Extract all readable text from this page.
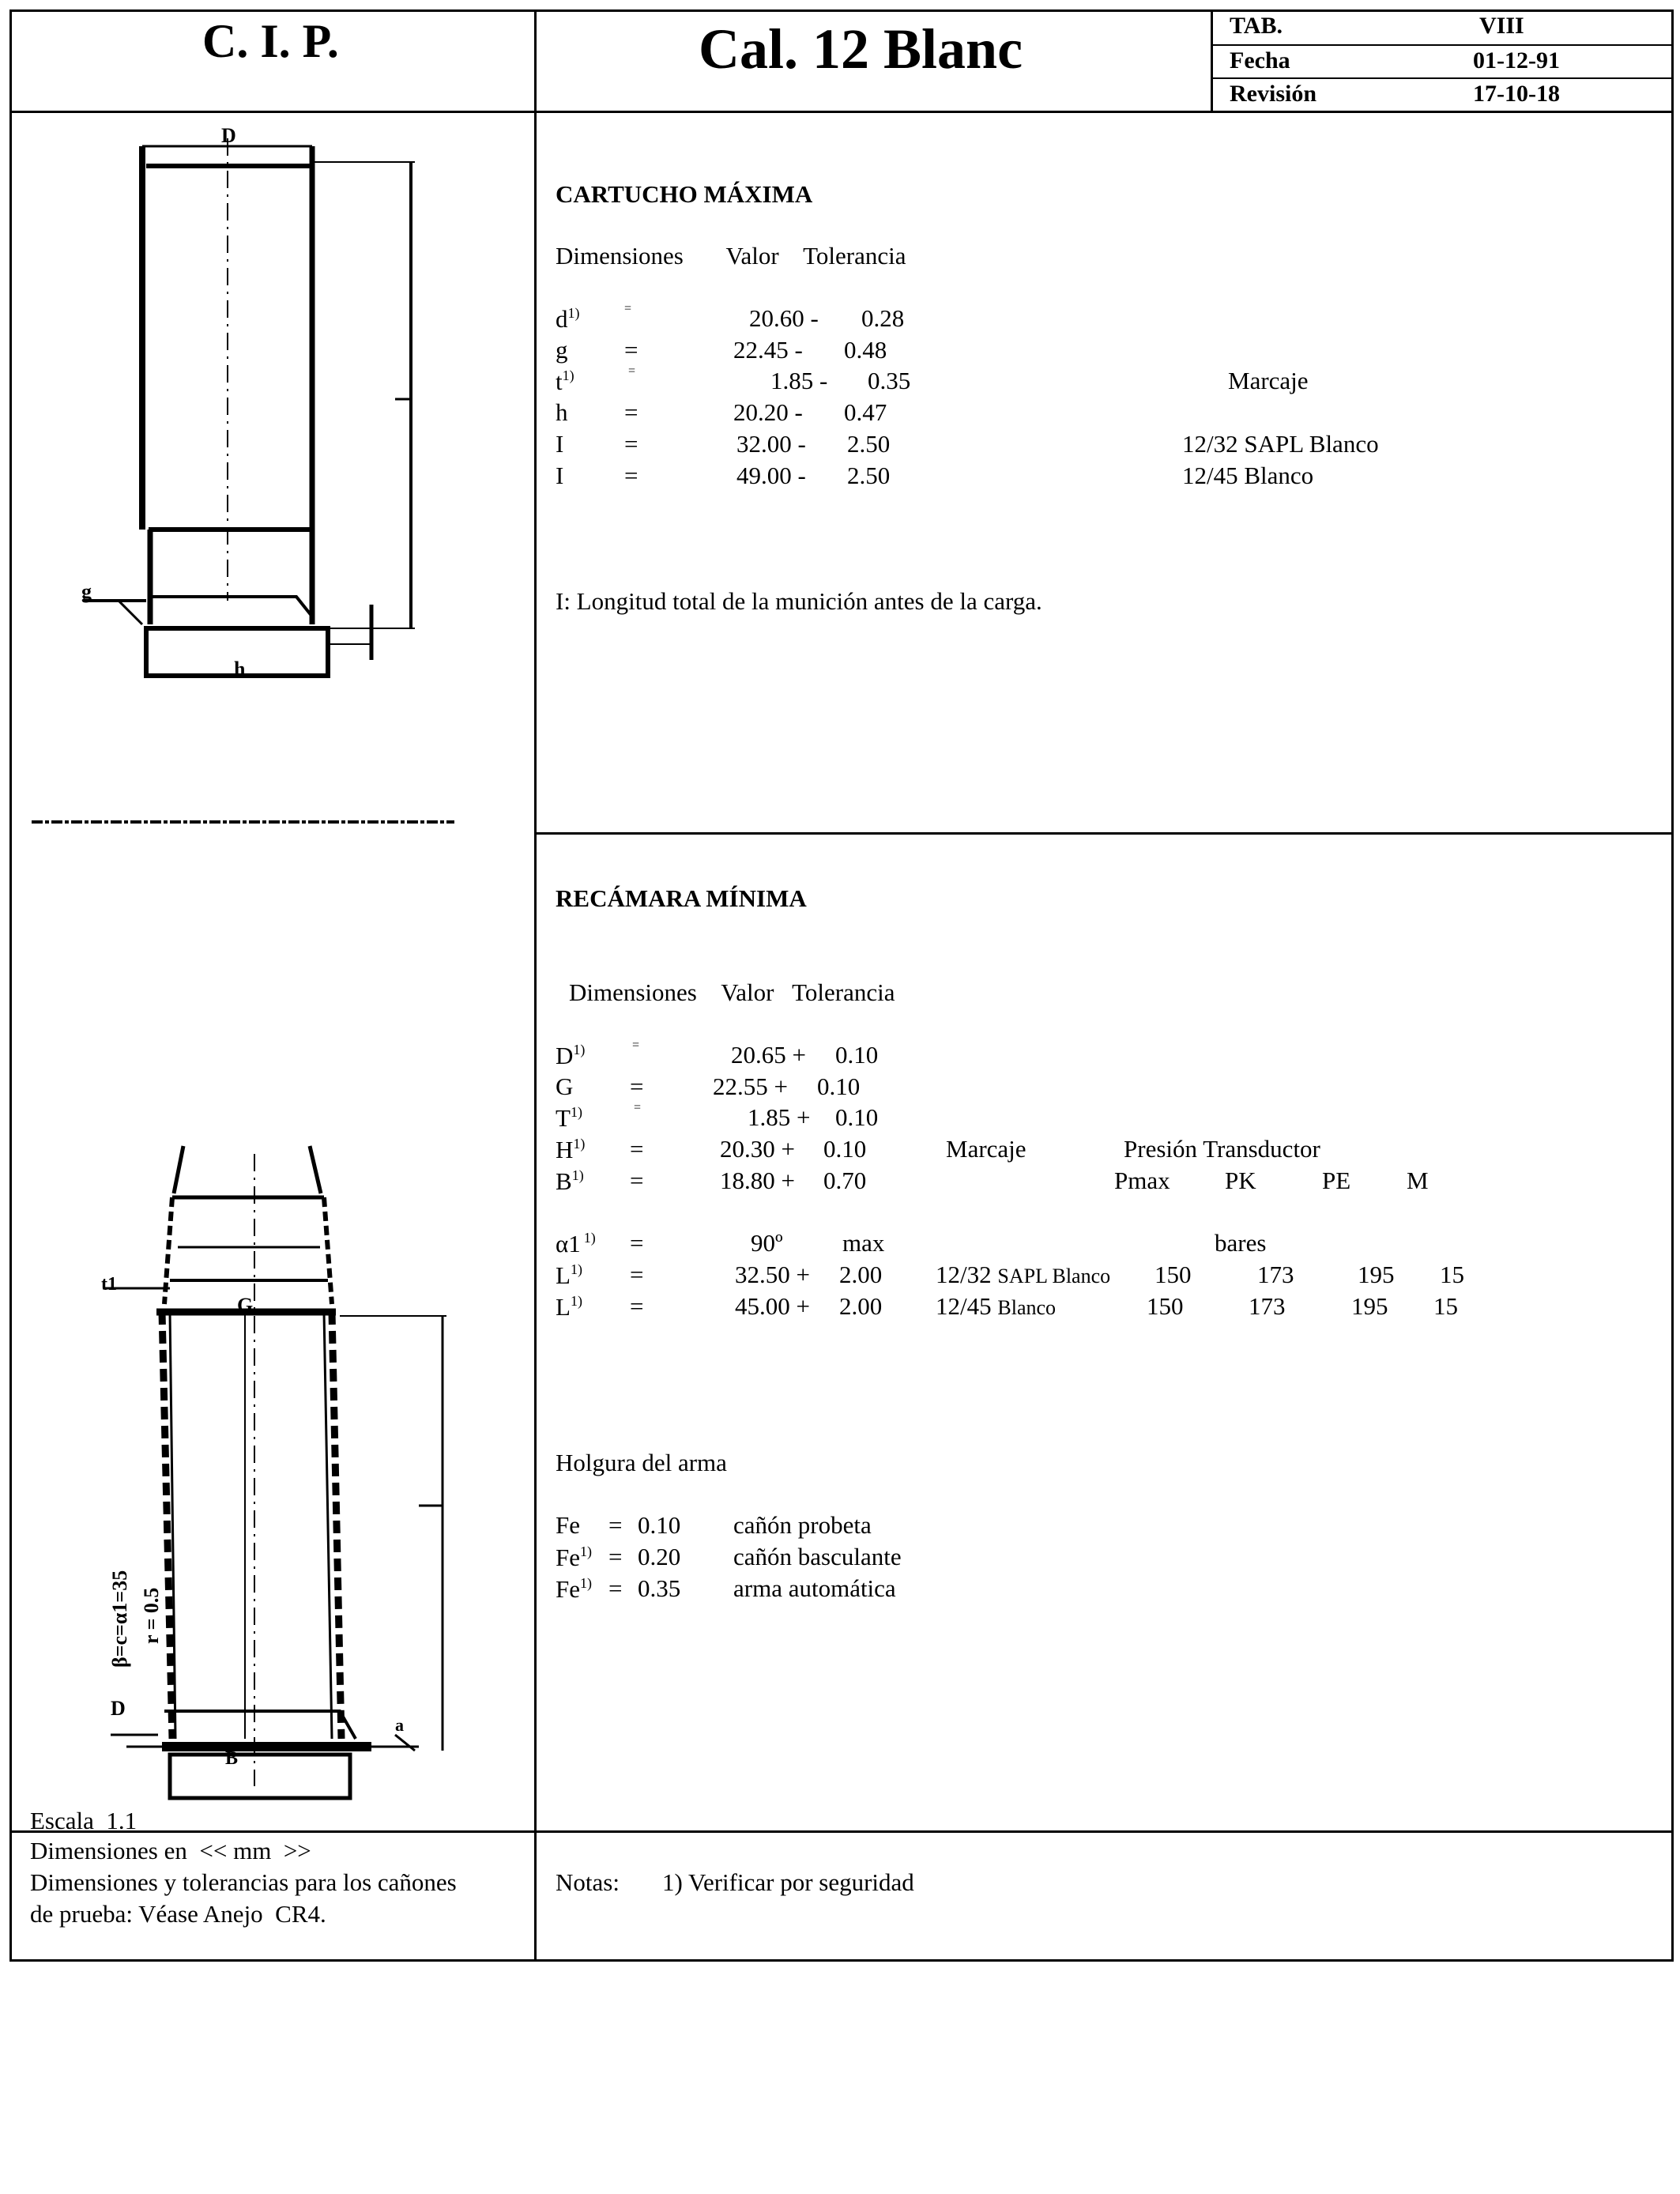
C. I. P.	Cal. 12 Blanc	TAB.	VIII
Fecha	01-12-91
Revisión	17-10-18
D
g
h
t1
G
D
B
a
β=c=α1=35 r = 0.5
CARTUCHO MÁXIMA
Dimensiones       Valor    Tolerancia
$d^{1)}$	=	20.60 - 0.28
g =	22.45 - 0.48
$t^{1)}$	=	1.85 - 0.35	Marcaje
h =	20.20 - 0.47
I =	32.00 - 2.50	12/32 SAPL Blanco
I =	49.00 - 2.50	12/45 Blanco
I: Longitud total de la munición antes de la carga.
RECÁMARA MÍNIMA
Dimensiones    Valor   Tolerancia
$D^{1)}$	=	20.65 + 0.10
G =	22.55 + 0.10
$T^{1)}$	=	1.85 + 0.10
$H^{1)}$ =	20.30 + 0.10	Marcaje	Presión Transductor
$B^{1)}$ =	18.80 + 0.70	Pmax PK	PE M
α1 $^{1)}$ =	90º max	bares
$L^{1)}$ =	32.50 + 2.00 12/32 SAPL Blanco 150	173	195 15
$L^{1)}$ =	45.00 + 2.00 12/45 Blanco	150	173	195 15
Holgura del arma
Fe = 0.10 cañón probeta
$Fe^{1)} = 0.20$ cañón basculante
$Fe^{1)} = 0.35$ arma automática
Escala  1.1
Dimensiones en  << mm  >>
Dimensiones y tolerancias para los cañones
de prueba: Véase Anejo  CR4.
Notas: 1) Verificar por seguridad
